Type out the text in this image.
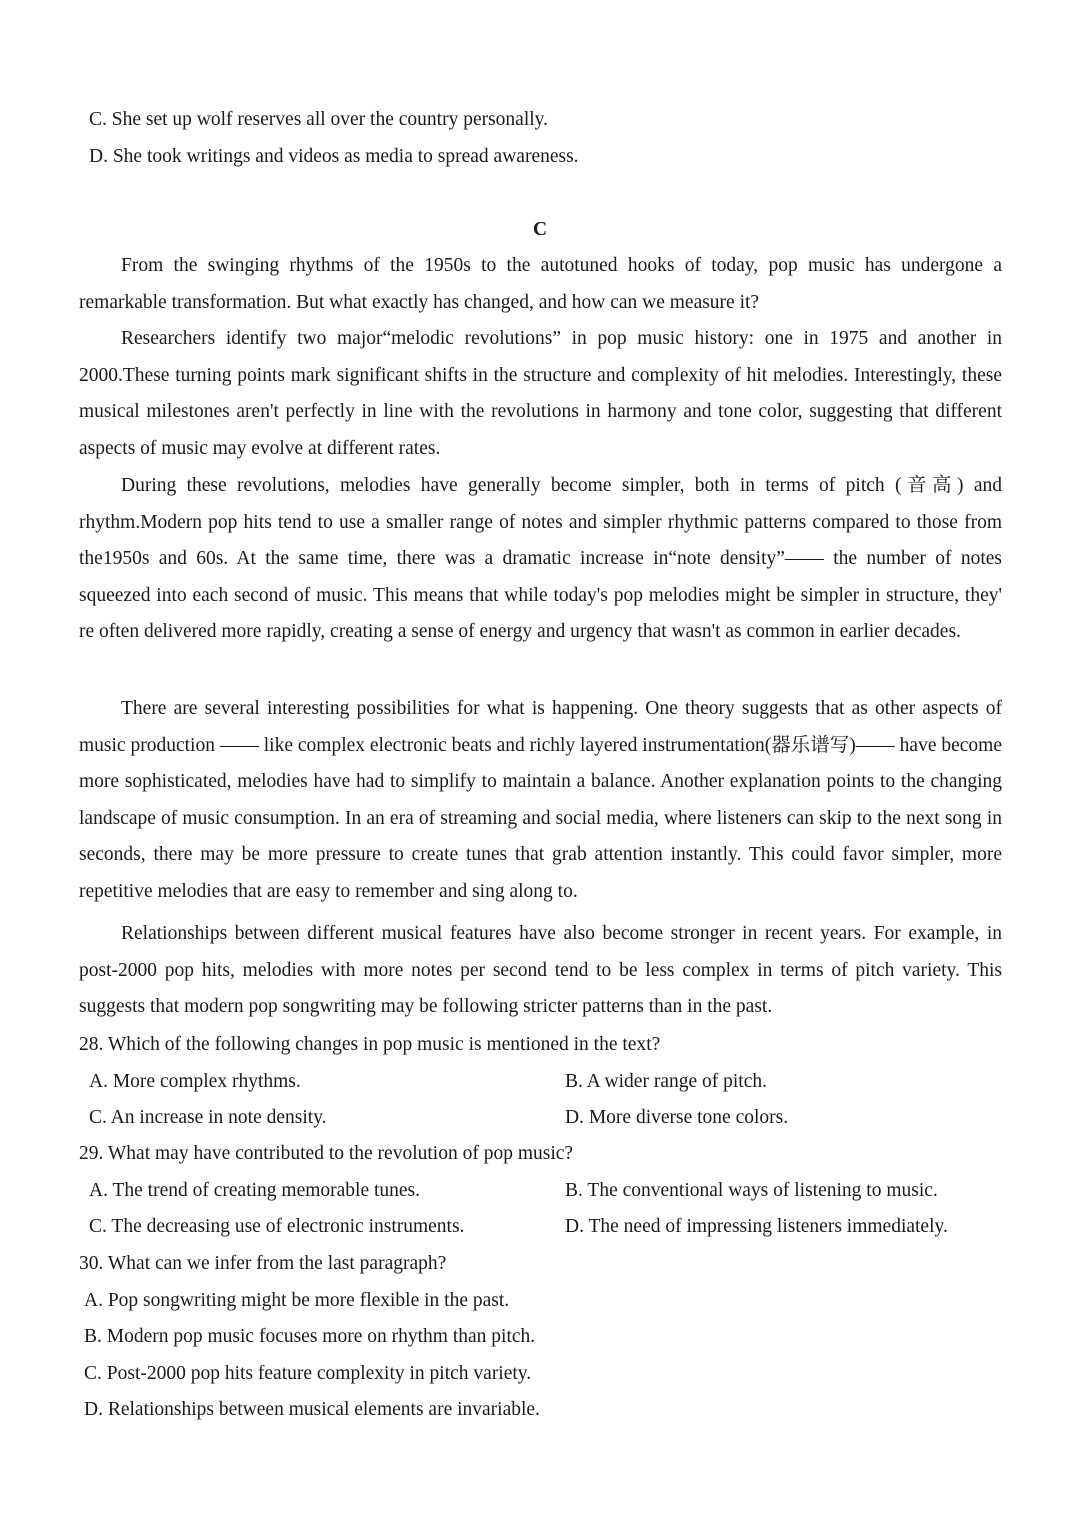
C. She set up wolf reserves all over the country personally.
D. She took writings and videos as media to spread awareness.
C
From the swinging rhythms of the 1950s to the autotuned hooks of today, pop music has undergone a remarkable transformation. But what exactly has changed, and how can we measure it?
Researchers identify two major“melodic revolutions” in pop music history: one in 1975 and another in 2000.These turning points mark significant shifts in the structure and complexity of hit melodies. Interestingly, these musical milestones aren't perfectly in line with the revolutions in harmony and tone color, suggesting that different aspects of music may evolve at different rates.
During these revolutions, melodies have generally become simpler, both in terms of pitch (音高) and rhythm.Modern pop hits tend to use a smaller range of notes and simpler rhythmic patterns compared to those from the1950s and 60s. At the same time, there was a dramatic increase in“note density”—— the number of notes squeezed into each second of music. This means that while today's pop melodies might be simpler in structure, they' re often delivered more rapidly, creating a sense of energy and urgency that wasn't as common in earlier decades.
There are several interesting possibilities for what is happening. One theory suggests that as other aspects of music production —— like complex electronic beats and richly layered instrumentation(器乐谱写)—— have become more sophisticated, melodies have had to simplify to maintain a balance. Another explanation points to the changing landscape of music consumption. In an era of streaming and social media, where listeners can skip to the next song in seconds, there may be more pressure to create tunes that grab attention instantly. This could favor simpler, more repetitive melodies that are easy to remember and sing along to.
Relationships between different musical features have also become stronger in recent years. For example, in post-2000 pop hits, melodies with more notes per second tend to be less complex in terms of pitch variety. This suggests that modern pop songwriting may be following stricter patterns than in the past.
28. Which of the following changes in pop music is mentioned in the text?
A. More complex rhythms.	B. A wider range of pitch.
C. An increase in note density.	D. More diverse tone colors.
29. What may have contributed to the revolution of pop music?
A. The trend of creating memorable tunes.	B. The conventional ways of listening to music.
C. The decreasing use of electronic instruments.	D. The need of impressing listeners immediately.
30. What can we infer from the last paragraph?
A. Pop songwriting might be more flexible in the past.
B. Modern pop music focuses more on rhythm than pitch.
C. Post-2000 pop hits feature complexity in pitch variety.
D. Relationships between musical elements are invariable.
